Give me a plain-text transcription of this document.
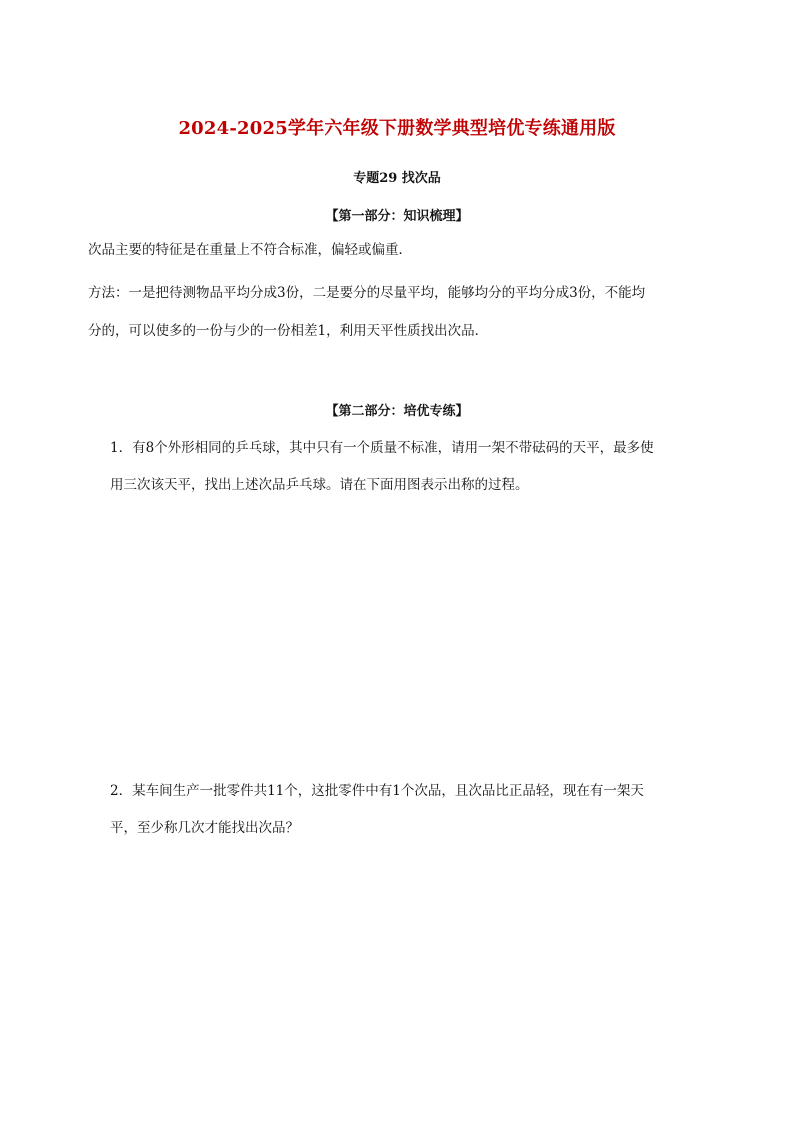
2024-2025学年六年级下册数学典型培优专练通用版
专题29 找次品
【第一部分：知识梳理】
次品主要的特征是在重量上不符合标准，偏轻或偏重．
方法：一是把待测物品平均分成3份，二是要分的尽量平均，能够均分的平均分成3份，不能均
分的，可以使多的一份与少的一份相差1，利用天平性质找出次品．
【第二部分：培优专练】
1．有8个外形相同的乒乓球，其中只有一个质量不标准，请用一架不带砝码的天平，最多使
用三次该天平，找出上述次品乒乓球。请在下面用图表示出称的过程。
2．某车间生产一批零件共11个，这批零件中有1个次品，且次品比正品轻，现在有一架天
平，至少称几次才能找出次品？
